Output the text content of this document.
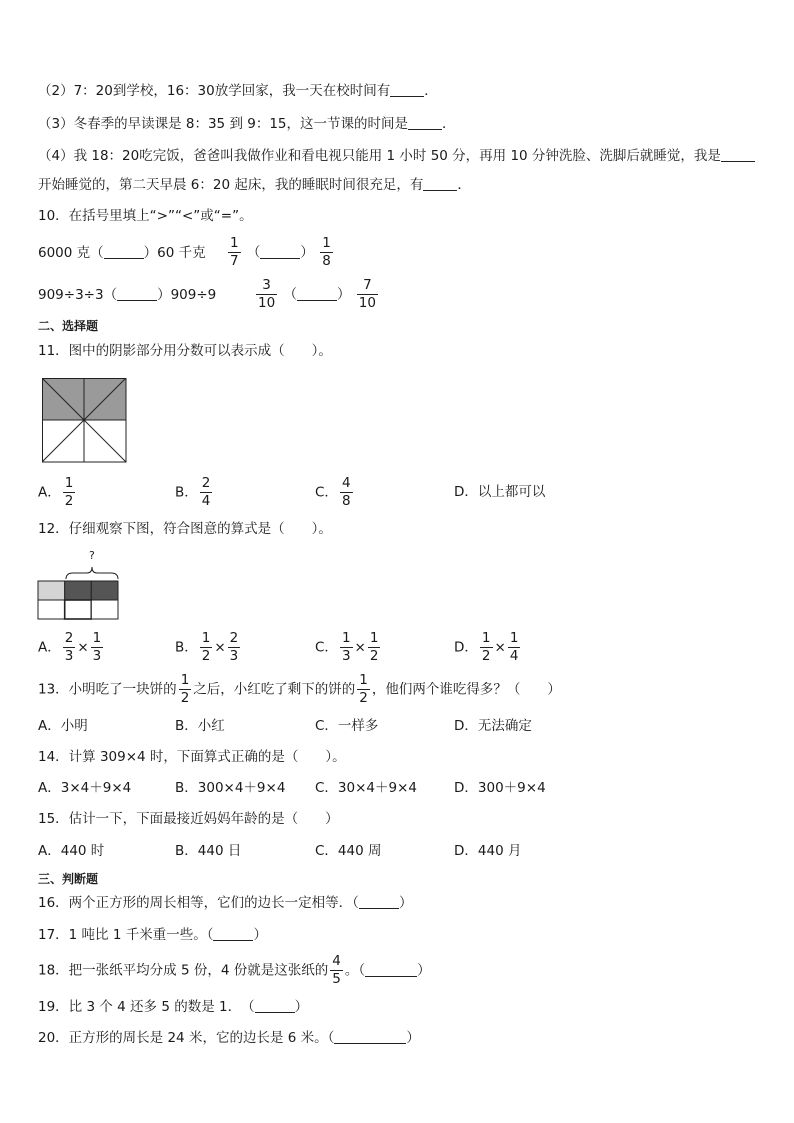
（2）7：20到学校，16：30放学回家，我一天在校时间有	．
（3）冬春季的早读课是 8：35 到 9：15，这一节课的时间是	．
（4）我 18：20吃完饭，爸爸叫我做作业和看电视只能用 1 小时 50 分，再用 10 分钟洗脸、洗脚后就睡觉，我是
开始睡觉的，第二天早晨 6：20 起床，我的睡眠时间很充足，有	．
10．在括号里填上“>”“<”或“=”。
6000 克（	）60 千克 $\frac{1}{7}$ （	） $\frac{1}{8}$
909÷3÷3（	）909÷9	$\frac{3}{10}$ （	） $\frac{7}{10}$
二、选择题
11．图中的阴影部分用分数可以表示成（　　）。
A． $\frac{1}{2}$	B． $\frac{2}{4}$	C． $\frac{4}{8}$	D．以上都可以
12．仔细观察下图，符合图意的算式是（　　）。
?
A． $\frac{2}{3} \times \frac{1}{3}$	B． $\frac{1}{2} \times \frac{2}{3}$	C． $\frac{1}{3} \times \frac{1}{2}$	D． $\frac{1}{2} \times \frac{1}{4}$
13．小明吃了一块饼的 $\frac{1}{2}$ 之后，小红吃了剩下的饼的 $\frac{1}{2}$ ，他们两个谁吃得多？（　　）
A．小明	B．小红	C．一样多	D．无法确定
14．计算 309×4 时，下面算式正确的是（　　）。
A．3×4＋9×4	B．300×4＋9×4 C．30×4＋9×4	D．300＋9×4
15．估计一下，下面最接近妈妈年龄的是（　　）
A．440 时	B．440 日	C．440 周	D．440 月
三、判断题
16．两个正方形的周长相等，它们的边长一定相等．（	）
17．1 吨比 1 千米重一些。（	）
18．把一张纸平均分成 5 份，4 份就是这张纸的 $\frac{4}{5}$ 。（	）
19．比 3 个 4 还多 5 的数是 1．　（	）
20．正方形的周长是 24 米，它的边长是 6 米。（	）
